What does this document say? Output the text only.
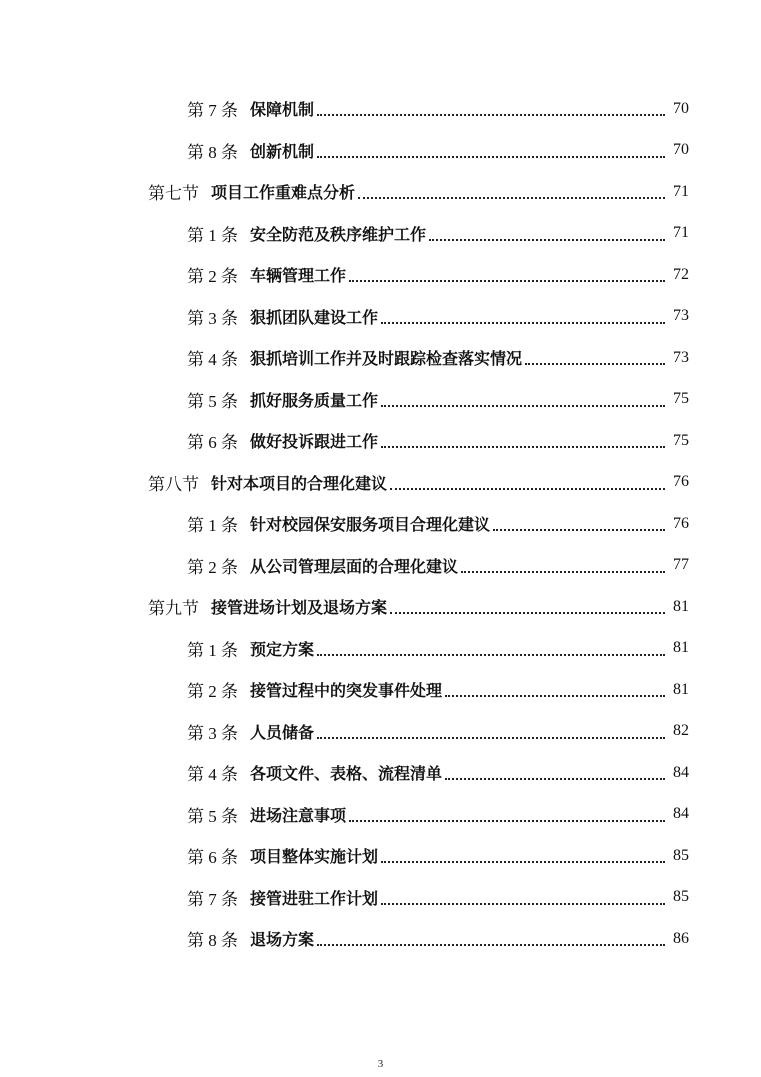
第 7 条 保障机制	70
第 8 条 创新机制	70
第七节 项目工作重难点分析	71
第 1 条 安全防范及秩序维护工作	71
第 2 条 车辆管理工作	72
第 3 条 狠抓团队建设工作	73
第 4 条 狠抓培训工作并及时跟踪检查落实情况	73
第 5 条 抓好服务质量工作	75
第 6 条 做好投诉跟进工作	75
第八节 针对本项目的合理化建议	76
第 1 条 针对校园保安服务项目合理化建议	76
第 2 条 从公司管理层面的合理化建议	77
第九节 接管进场计划及退场方案	81
第 1 条 预定方案	81
第 2 条 接管过程中的突发事件处理	81
第 3 条 人员储备	82
第 4 条 各项文件、表格、流程清单	84
第 5 条 进场注意事项	84
第 6 条 项目整体实施计划	85
第 7 条 接管进驻工作计划	85
第 8 条 退场方案	86
3
